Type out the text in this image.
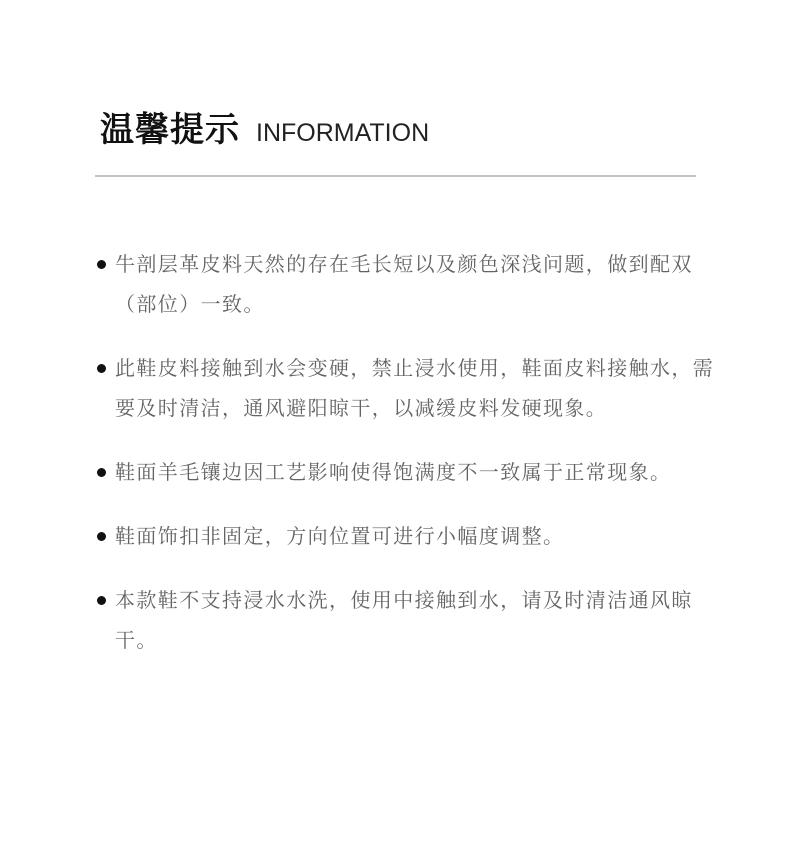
温馨提示 INFORMATION
牛剖层革皮料天然的存在毛长短以及颜色深浅问题，做到配双（部位）一致。
此鞋皮料接触到水会变硬，禁止浸水使用，鞋面皮料接触水，需要及时清洁，通风避阳晾干，以减缓皮料发硬现象。
鞋面羊毛镶边因工艺影响使得饱满度不一致属于正常现象。
鞋面饰扣非固定，方向位置可进行小幅度调整。
本款鞋不支持浸水水洗，使用中接触到水，请及时清洁通风晾干。
